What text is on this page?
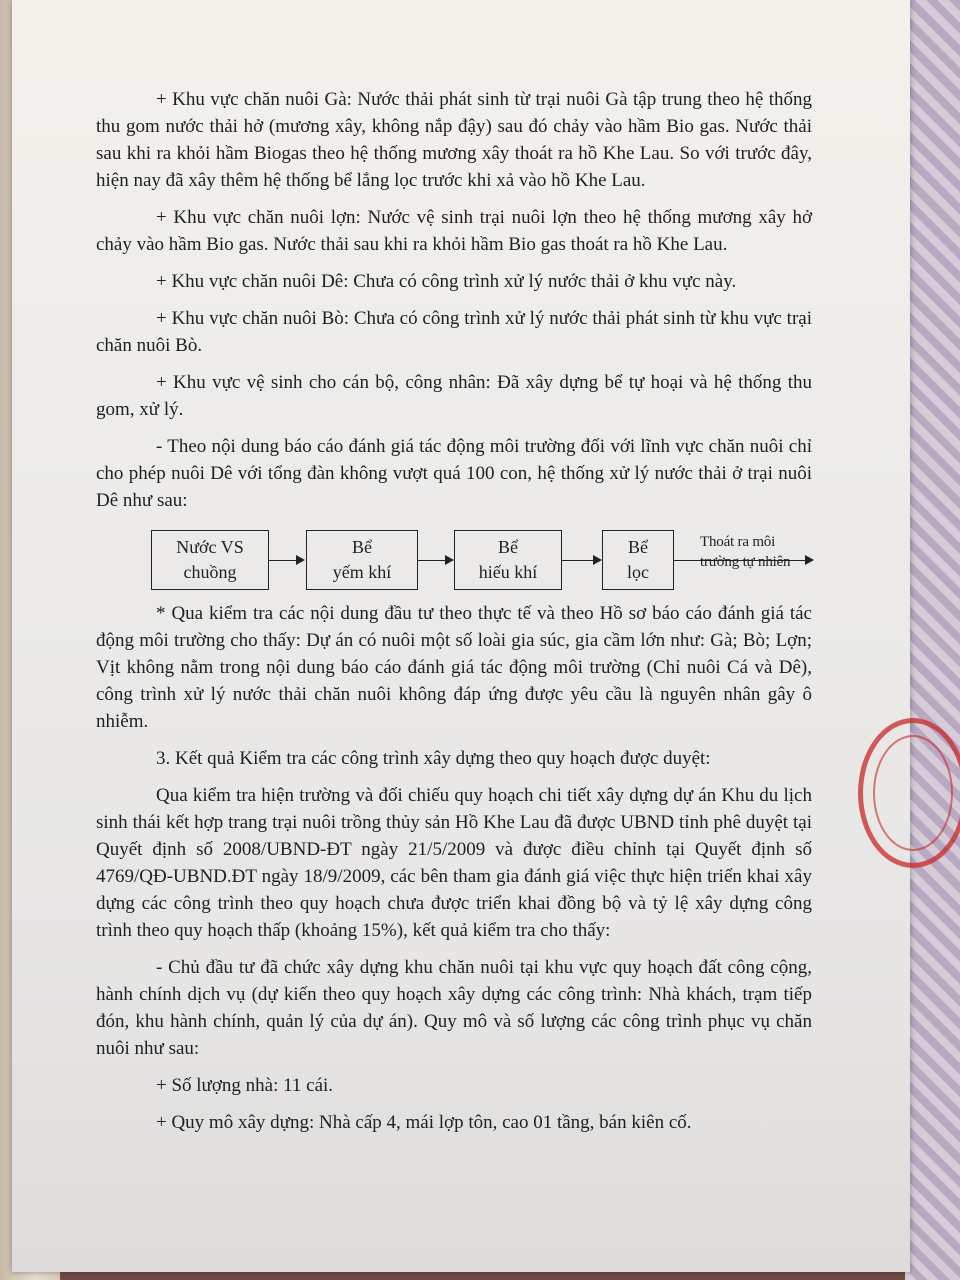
+ Khu vực chăn nuôi Gà: Nước thải phát sinh từ trại nuôi Gà tập trung theo hệ thống thu gom nước thải hở (mương xây, không nắp đậy) sau đó chảy vào hầm Bio gas. Nước thải sau khi ra khỏi hầm Biogas theo hệ thống mương xây thoát ra hồ Khe Lau. So với trước đây, hiện nay đã xây thêm hệ thống bể lắng lọc trước khi xả vào hồ Khe Lau.

+ Khu vực chăn nuôi lợn: Nước vệ sinh trại nuôi lợn theo hệ thống mương xây hở chảy vào hầm Bio gas. Nước thải sau khi ra khỏi hầm Bio gas thoát ra hồ Khe Lau.

+ Khu vực chăn nuôi Dê: Chưa có công trình xử lý nước thải ở khu vực này.

+ Khu vực chăn nuôi Bò: Chưa có công trình xử lý nước thải phát sinh từ khu vực trại chăn nuôi Bò.

+ Khu vực vệ sinh cho cán bộ, công nhân: Đã xây dựng bể tự hoại và hệ thống thu gom, xử lý.

- Theo nội dung báo cáo đánh giá tác động môi trường đối với lĩnh vực chăn nuôi chỉ cho phép nuôi Dê với tổng đàn không vượt quá 100 con, hệ thống xử lý nước thải ở trại nuôi Dê như sau:

Nước VS
chuồng
Bể
yếm khí
Bể
hiếu khí
Bể
lọc
Thoát ra môi
trường tự nhiên

* Qua kiểm tra các nội dung đầu tư theo thực tế và theo Hồ sơ báo cáo đánh giá tác động môi trường cho thấy: Dự án có nuôi một số loài gia súc, gia cầm lớn như: Gà; Bò; Lợn; Vịt không nằm trong nội dung báo cáo đánh giá tác động môi trường (Chỉ nuôi Cá và Dê), công trình xử lý nước thải chăn nuôi không đáp ứng được yêu cầu là nguyên nhân gây ô nhiễm.

3. Kết quả Kiểm tra các công trình xây dựng theo quy hoạch được duyệt:

Qua kiểm tra hiện trường và đối chiếu quy hoạch chi tiết xây dựng dự án Khu du lịch sinh thái kết hợp trang trại nuôi trồng thủy sản Hồ Khe Lau đã được UBND tỉnh phê duyệt tại Quyết định số 2008/UBND-ĐT ngày 21/5/2009 và được điều chỉnh tại Quyết định số 4769/QĐ-UBND.ĐT ngày 18/9/2009, các bên tham gia đánh giá việc thực hiện triển khai xây dựng các công trình theo quy hoạch chưa được triển khai đồng bộ và tỷ lệ xây dựng công trình theo quy hoạch thấp (khoảng 15%), kết quả kiểm tra cho thấy:

- Chủ đầu tư đã chức xây dựng khu chăn nuôi tại khu vực quy hoạch đất công cộng, hành chính dịch vụ (dự kiến theo quy hoạch xây dựng các công trình: Nhà khách, trạm tiếp đón, khu hành chính, quản lý của dự án). Quy mô và số lượng các công trình phục vụ chăn nuôi như sau:

+ Số lượng nhà: 11 cái.

+ Quy mô xây dựng: Nhà cấp 4, mái lợp tôn, cao 01 tầng, bán kiên cố.
